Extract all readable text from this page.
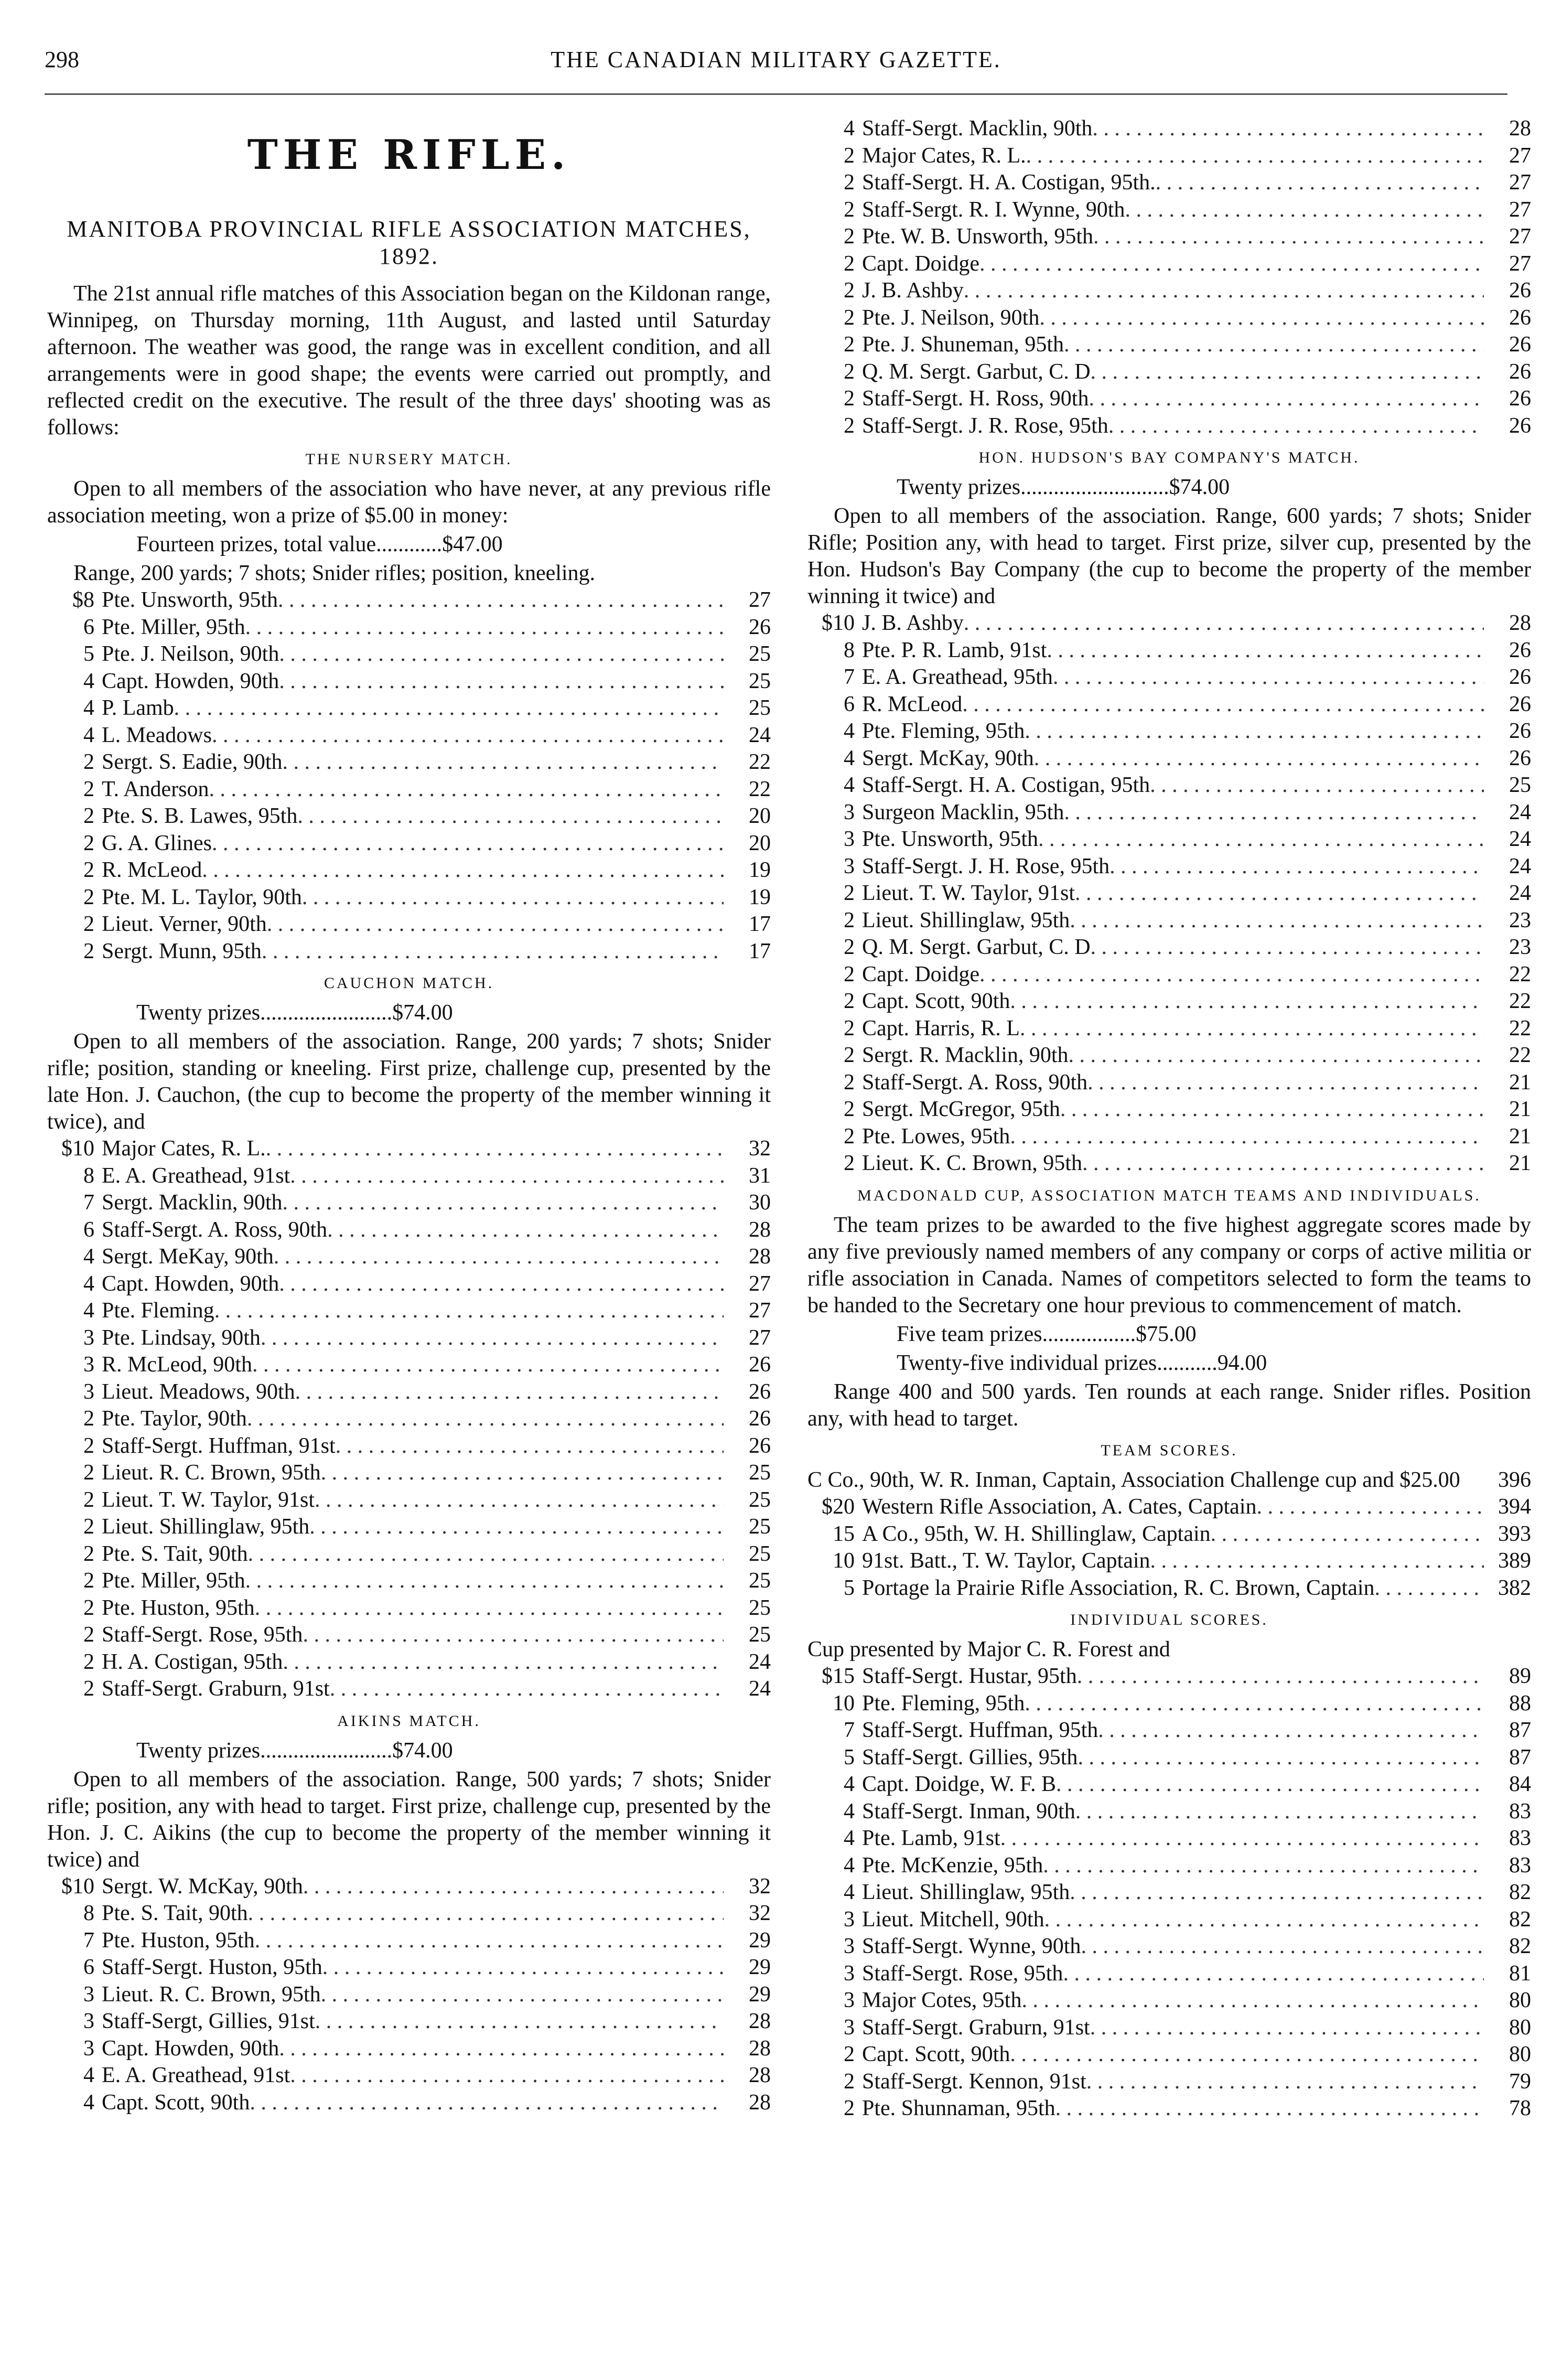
298	THE CANADIAN MILITARY GAZETTE.
THE RIFLE.
MANITOBA PROVINCIAL RIFLE ASSOCIATION MATCHES, 1892.

The 21st annual rifle matches of this Association began on the Kildonan range, Winnipeg, on Thursday morning, 11th August, and lasted until Saturday afternoon. The weather was good, the range was in excellent condition, and all arrangements were in good shape; the events were carried out promptly, and reflected credit on the executive. The result of the three days' shooting was as follows:

THE NURSERY MATCH.

Open to all members of the association who have never, at any previous rifle association meeting, won a prize of $5.00 in money:

Fourteen prizes, total value............$47.00

Range, 200 yards; 7 shots; Snider rifles; position, kneeling.

$8 Pte. Unsworth, 95th . . .	27
6 Pte. Miller, 95th . . .	26
5 Pte. J. Neilson, 90th . . .	25
4 Capt. Howden, 90th . . .	25
4 P. Lamb . . .	25
4 L. Meadows . . .	24
2 Sergt. S. Eadie, 90th . . .	22
2 T. Anderson . . .	22
2 Pte. S. B. Lawes, 95th . . .	20
2 G. A. Glines . . .	20
2 R. McLeod . . .	19
2 Pte. M. L. Taylor, 90th . . .	19
2 Lieut. Verner, 90th . . .	17
2 Sergt. Munn, 95th . . .	17
CAUCHON MATCH.
Twenty prizes........................$74.00

Open to all members of the association. Range, 200 yards; 7 shots; Snider rifle; position, standing or kneeling. First prize, challenge cup, presented by the late Hon. J. Cauchon, (the cup to become the property of the member winning it twice), and

$10 Major Cates, R. L. . . .	32
8 E. A. Greathead, 91st . . .	31
7 Sergt. Macklin, 90th . . .	30
6 Staff-Sergt. A. Ross, 90th . . .	28
4 Sergt. MeKay, 90th . . .	28
4 Capt. Howden, 90th . . .	27
4 Pte. Fleming . . .	27
3 Pte. Lindsay, 90th . . .	27
3 R. McLeod, 90th . . .	26
3 Lieut. Meadows, 90th . . .	26
2 Pte. Taylor, 90th . . .	26
2 Staff-Sergt. Huffman, 91st . . .	26
2 Lieut. R. C. Brown, 95th . . .	25
2 Lieut. T. W. Taylor, 91st . . .	25
2 Lieut. Shillinglaw, 95th . . .	25
2 Pte. S. Tait, 90th . . .	25
2 Pte. Miller, 95th . . .	25
2 Pte. Huston, 95th . . .	25
2 Staff-Sergt. Rose, 95th . . .	25
2 H. A. Costigan, 95th . . .	24
2 Staff-Sergt. Graburn, 91st . . .	24
AIKINS MATCH.
Twenty prizes........................$74.00

Open to all members of the association. Range, 500 yards; 7 shots; Snider rifle; position, any with head to target. First prize, challenge cup, presented by the Hon. J. C. Aikins (the cup to become the property of the member winning it twice) and

$10 Sergt. W. McKay, 90th . . .	32
8 Pte. S. Tait, 90th . . .	32
7 Pte. Huston, 95th . . .	29
6 Staff-Sergt. Huston, 95th . . .	29
3 Lieut. R. C. Brown, 95th . . .	29
3 Staff-Sergt, Gillies, 91st . . .	28
3 Capt. Howden, 90th . . .	28
4 E. A. Greathead, 91st . . .	28
4 Capt. Scott, 90th . . .	28
4 Staff-Sergt. Macklin, 90th . . .	28
2 Major Cates, R. L. . . .	27
2 Staff-Sergt. H. A. Costigan, 95th. . . .	27
2 Staff-Sergt. R. I. Wynne, 90th . . .	27
2 Pte. W. B. Unsworth, 95th . . .	27
2 Capt. Doidge . . .	27
2 J. B. Ashby . . .	26
2 Pte. J. Neilson, 90th . . .	26
2 Pte. J. Shuneman, 95th . . .	26
2 Q. M. Sergt. Garbut, C. D . . .	26
2 Staff-Sergt. H. Ross, 90th . . .	26
2 Staff-Sergt. J. R. Rose, 95th . . .	26
HON. HUDSON'S BAY COMPANY'S MATCH.
Twenty prizes...........................$74.00

Open to all members of the association. Range, 600 yards; 7 shots; Snider Rifle; Position any, with head to target. First prize, silver cup, presented by the Hon. Hudson's Bay Company (the cup to become the property of the member winning it twice) and

$10 J. B. Ashby . . .	28
8 Pte. P. R. Lamb, 91st . . .	26
7 E. A. Greathead, 95th . . .	26
6 R. McLeod . . .	26
4 Pte. Fleming, 95th . . .	26
4 Sergt. McKay, 90th . . .	26
4 Staff-Sergt. H. A. Costigan, 95th . . .	25
3 Surgeon Macklin, 95th . . .	24
3 Pte. Unsworth, 95th . . .	24
3 Staff-Sergt. J. H. Rose, 95th . . .	24
2 Lieut. T. W. Taylor, 91st . . .	24
2 Lieut. Shillinglaw, 95th . . .	23
2 Q. M. Sergt. Garbut, C. D . . .	23
2 Capt. Doidge . . .	22
2 Capt. Scott, 90th . . .	22
2 Capt. Harris, R. L . . .	22
2 Sergt. R. Macklin, 90th . . .	22
2 Staff-Sergt. A. Ross, 90th . . .	21
2 Sergt. McGregor, 95th . . .	21
2 Pte. Lowes, 95th . . .	21
2 Lieut. K. C. Brown, 95th . . .	21
MACDONALD CUP, ASSOCIATION MATCH TEAMS AND INDIVIDUALS.

The team prizes to be awarded to the five highest aggregate scores made by any five previously named members of any company or corps of active militia or rifle association in Canada. Names of competitors selected to form the teams to be handed to the Secretary one hour previous to commencement of match.

Five team prizes.................$75.00
Twenty-five individual prizes...........94.00

Range 400 and 500 yards. Ten rounds at each range. Snider rifles. Position any, with head to target.

TEAM SCORES.
C Co., 90th, W. R. Inman, Captain, Association Challenge cup and $25.00	396
$20 Western Rifle Association, A. Cates, Captain . . .	394
15 A Co., 95th, W. H. Shillinglaw, Captain . . .	393
10 91st. Batt., T. W. Taylor, Captain . . .	389
5 Portage la Prairie Rifle Association, R. C. Brown, Captain . . .	382
INDIVIDUAL SCORES.

Cup presented by Major C. R. Forest and

$15 Staff-Sergt. Hustar, 95th . . .	89
10 Pte. Fleming, 95th . . .	88
7 Staff-Sergt. Huffman, 95th . . .	87
5 Staff-Sergt. Gillies, 95th . . .	87
4 Capt. Doidge, W. F. B . . .	84
4 Staff-Sergt. Inman, 90th . . .	83
4 Pte. Lamb, 91st . . .	83
4 Pte. McKenzie, 95th . . .	83
4 Lieut. Shillinglaw, 95th . . .	82
3 Lieut. Mitchell, 90th . . .	82
3 Staff-Sergt. Wynne, 90th . . .	82
3 Staff-Sergt. Rose, 95th . . .	81
3 Major Cotes, 95th . . .	80
3 Staff-Sergt. Graburn, 91st . . .	80
2 Capt. Scott, 90th . . .	80
2 Staff-Sergt. Kennon, 91st . . .	79
2 Pte. Shunnaman, 95th . . .	78
